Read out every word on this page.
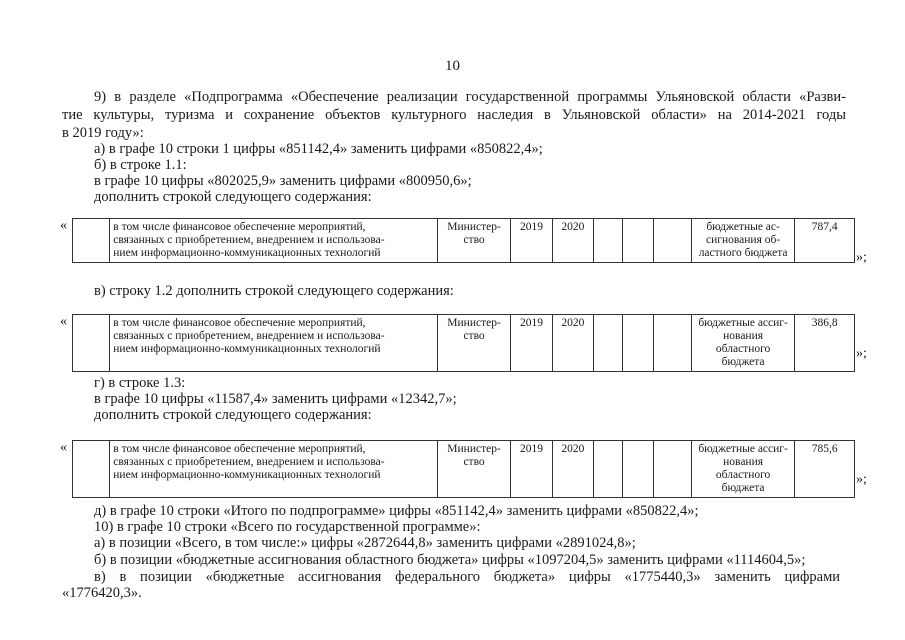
10
9) в разделе «Подпрограмма «Обеспечение реализации государственной программы Ульяновской области «Разви-
тие культуры, туризма и сохранение объектов культурного наследия в Ульяновской области» на 2014-2021 годы
в 2019 году»:
а) в графе 10 строки 1 цифры «851142,4» заменить цифрами «850822,4»;
б) в строке 1.1:
в графе 10 цифры «802025,9» заменить цифрами «800950,6»;
дополнить строкой следующего содержания:
«
		в том числе финансовое обеспечение мероприятий,
связанных с приобретением, внедрением и использова-
нием информационно-коммуникационных технологий	Министер-
ство	2019	2020				бюджетные ас-
сигнования об-
ластного бюджета	787,4
»;
в) строку 1.2 дополнить строкой следующего содержания:
«
		в том числе финансовое обеспечение мероприятий,
связанных с приобретением, внедрением и использова-
нием информационно-коммуникационных технологий	Министер-
ство	2019	2020				бюджетные ассиг-
нования областного
бюджета	386,8
»;
г) в строке 1.3:
в графе 10 цифры «11587,4» заменить цифрами «12342,7»;
дополнить строкой следующего содержания:
«
		в том числе финансовое обеспечение мероприятий,
связанных с приобретением, внедрением и использова-
нием информационно-коммуникационных технологий	Министер-
ство	2019	2020				бюджетные ассиг-
нования областного
бюджета	785,6
»;
д) в графе 10 строки «Итого по подпрограмме» цифры «851142,4» заменить цифрами «850822,4»;
10) в графе 10 строки «Всего по государственной программе»:
а) в позиции «Всего, в том числе:» цифры «2872644,8» заменить цифрами «2891024,8»;
б) в позиции «бюджетные ассигнования областного бюджета» цифры «1097204,5» заменить цифрами «1114604,5»;
в) в позиции «бюджетные ассигнования федерального бюджета» цифры «1775440,3» заменить цифрами
«1776420,3».
